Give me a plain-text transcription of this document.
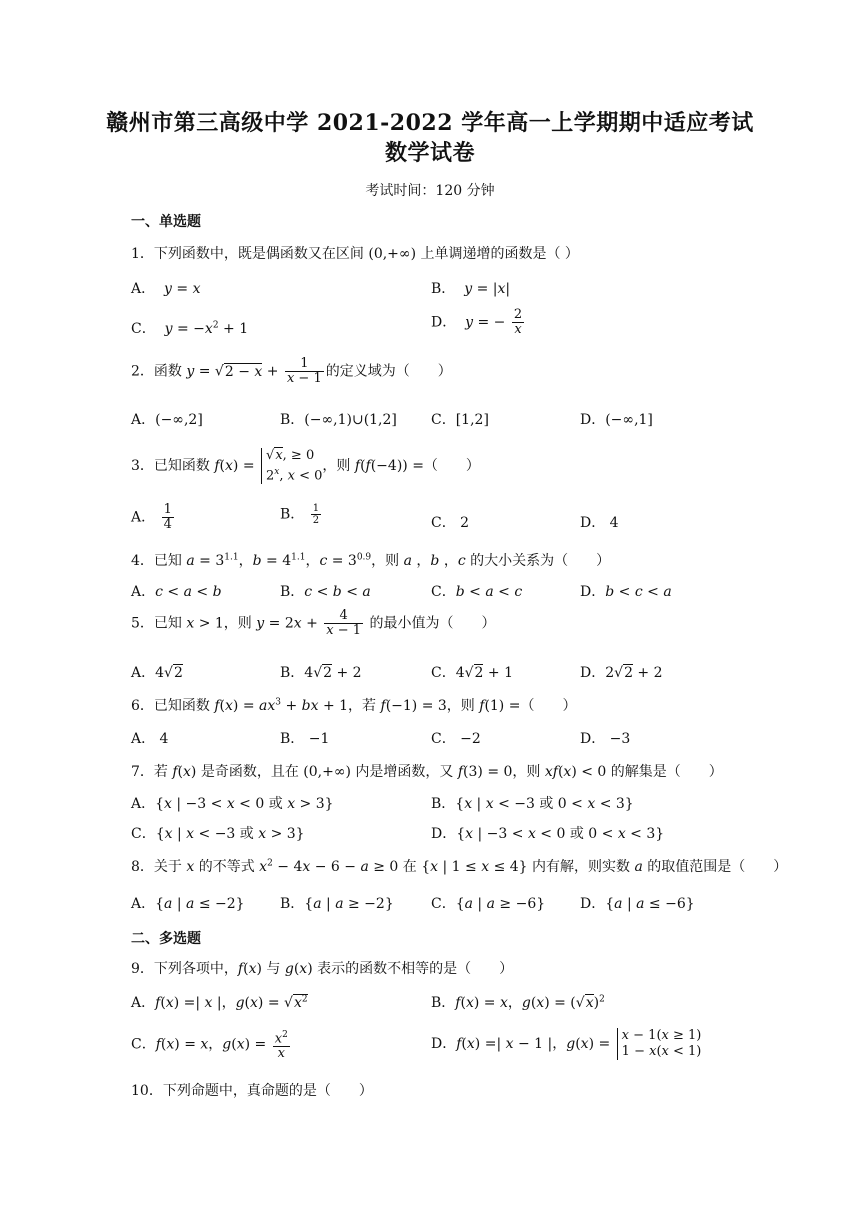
赣州市第三高级中学 2021-2022 学年高一上学期期中适应考试
数学试卷
考试时间：120 分钟
一、单选题
1．下列函数中，既是偶函数又在区间 (0,+∞) 上单调递增的函数是（ ）
A．  y = x	B．  y = |x|
C．  $y = -x^2 + 1$	D．  y = − $\frac{2}{x}$
2．函数 $y = √2 - x + \frac{1}{x - 1}$ 的定义域为（　　）
A．(−∞,2]	B．(−∞,1)∪(1,2] C．[1,2]	D．(−∞,1]
3．已知函数 f(x) = √x, ≥ 0
2$^x$, x < 0，则 f(f(−4)) =（　　）
A． $\frac{1}{4}$	B． $\frac{1}{2}$	C． 2	D． 4
4．已知 $a = 3^{1.1}$，$b = 4^{1.1}$，$c = 3^{0.9}$，则 a ，b ，c 的大小关系为（　　）
A．c < a < b	B．c < b < a	C．b < a < c	D．b < c < a
5．已知 x > 1，则 $y = 2x + \frac{4}{x - 1}$ 的最小值为（　　）
A．4√2	B．4√2 + 2	C．4√2 + 1	D．2√2 + 2
6．已知函数 $f(x) = ax^3$ + bx + 1，若 f(−1) = 3，则 f(1) =（　　）
A． 4	B． −1	C． −2	D． −3
7．若 f(x) 是奇函数，且在 (0,+∞) 内是增函数，又 f(3) = 0，则 xf(x) < 0 的解集是（　　）
A．{x | −3 < x < 0 或 x > 3}	B．{x | x < −3 或 0 < x < 3}
C．{x | x < −3 或 x > 3}	D．{x | −3 < x < 0 或 0 < x < 3}
8．关于 x 的不等式 $x^2 - 4x - 6 - a \ge 0$ 在 {x | 1 ≤ x ≤ 4} 内有解，则实数 a 的取值范围是（　　）
A．{a | a ≤ −2}	B．{a | a ≥ −2}	C．{a | a ≥ −6} D．{a | a ≤ −6}
二、多选题
9．下列各项中，f(x) 与 g(x) 表示的函数不相等的是（　　）
A．f(x) =| x |，$g(x) = √x^2$	B．f(x) = x，$g(x) = (√x)^2$
C．f(x) = x，$g(x) = \frac{x^2}{x}$	D．f(x) =| x − 1 |，g(x) = x − 1(x ≥ 1)
1 − x(x < 1)
10．下列命题中，真命题的是（　　）
